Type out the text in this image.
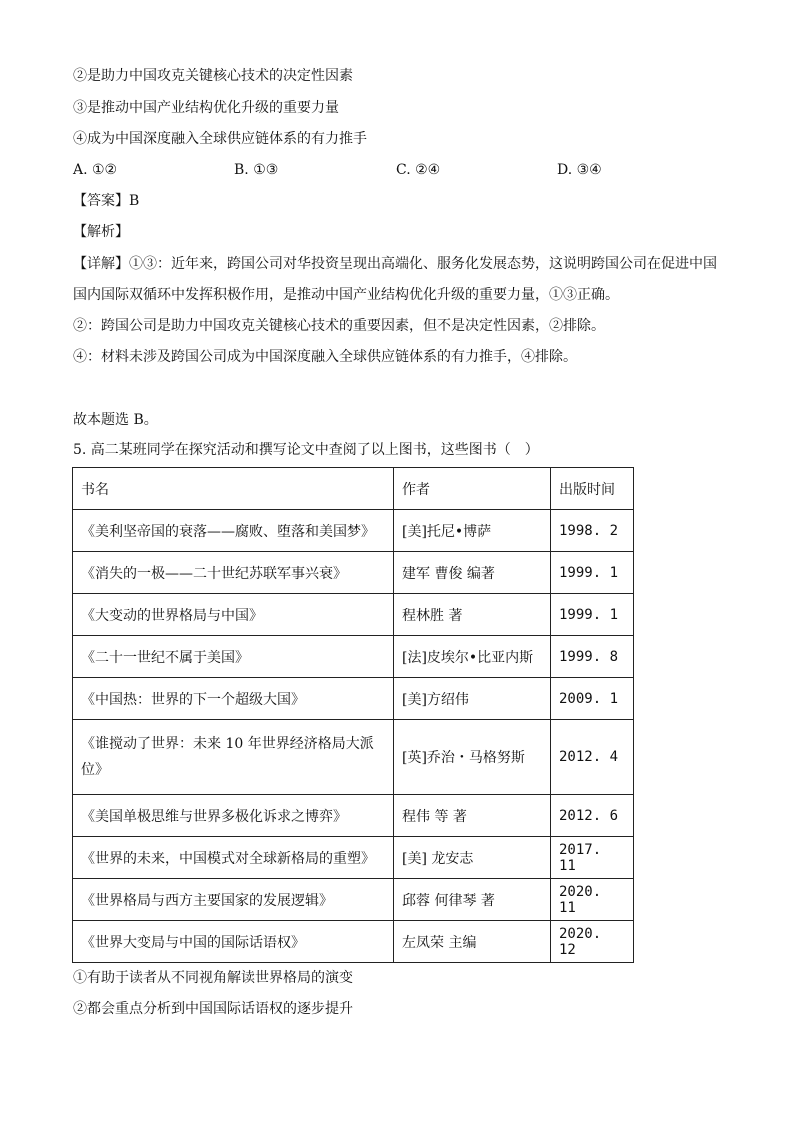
②是助力中国攻克关键核心技术的决定性因素
③是推动中国产业结构优化升级的重要力量
④成为中国深度融入全球供应链体系的有力推手
A. ①②	B. ①③	C. ②④	D. ③④
【答案】B
【解析】
【详解】①③：近年来，跨国公司对华投资呈现出高端化、服务化发展态势，这说明跨国公司在促进中国
国内国际双循环中发挥积极作用，是推动中国产业结构优化升级的重要力量，①③正确。
②：跨国公司是助力中国攻克关键核心技术的重要因素，但不是决定性因素，②排除。
④：材料未涉及跨国公司成为中国深度融入全球供应链体系的有力推手，④排除。
故本题选 B。
5. 高二某班同学在探究活动和撰写论文中查阅了以上图书，这些图书（　）
书名	作者	出版时间
《美利坚帝国的衰落——腐败、堕落和美国梦》	[美]托尼•博萨	1998. 2
《消失的一极——二十世纪苏联军事兴衰》	建军 曹俊 编著	1999. 1
《大变动的世界格局与中国》	程林胜 著	1999. 1
《二十一世纪不属于美国》	[法]皮埃尔•比亚内斯	1999. 8
《中国热：世界的下一个超级大国》	[美]方绍伟	2009. 1

《谁搅动了世界：未来 10 年世界经济格局大派
位》	[英]乔治・马格努斯	2012. 4
《美国单极思维与世界多极化诉求之博弈》	程伟 等 著	2012. 6
《世界的未来，中国模式对全球新格局的重塑》	[美] 龙安志	2017. 11
《世界格局与西方主要国家的发展逻辑》	邱蓉 何律琴 著	2020. 11
《世界大变局与中国的国际话语权》	左凤荣 主编	2020. 12
①有助于读者从不同视角解读世界格局的演变
②都会重点分析到中国国际话语权的逐步提升
